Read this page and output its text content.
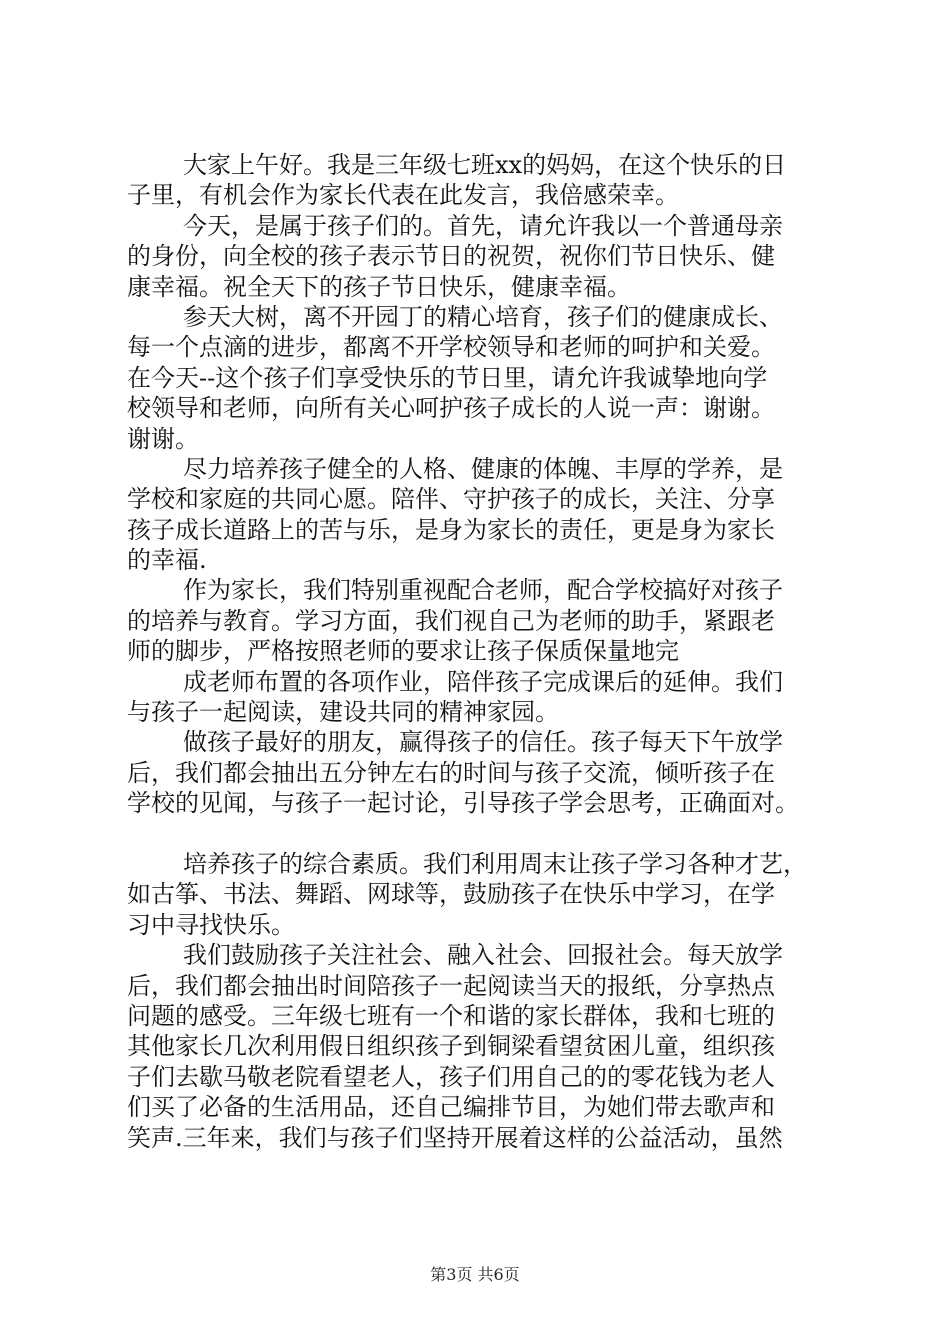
大家上午好。我是三年级七班xx的妈妈，在这个快乐的日
子里，有机会作为家长代表在此发言，我倍感荣幸。
今天，是属于孩子们的。首先，请允许我以一个普通母亲
的身份，向全校的孩子表示节日的祝贺，祝你们节日快乐、健
康幸福。祝全天下的孩子节日快乐，健康幸福。
参天大树，离不开园丁的精心培育，孩子们的健康成长、
每一个点滴的进步，都离不开学校领导和老师的呵护和关爱。
在今天--这个孩子们享受快乐的节日里，请允许我诚挚地向学
校领导和老师，向所有关心呵护孩子成长的人说一声：谢谢。
谢谢。
尽力培养孩子健全的人格、健康的体魄、丰厚的学养，是
学校和家庭的共同心愿。陪伴、守护孩子的成长，关注、分享
孩子成长道路上的苦与乐，是身为家长的责任，更是身为家长
的幸福.
作为家长，我们特别重视配合老师，配合学校搞好对孩子
的培养与教育。学习方面，我们视自己为老师的助手，紧跟老
师的脚步，严格按照老师的要求让孩子保质保量地完
成老师布置的各项作业，陪伴孩子完成课后的延伸。我们
与孩子一起阅读，建设共同的精神家园。
做孩子最好的朋友，赢得孩子的信任。孩子每天下午放学
后，我们都会抽出五分钟左右的时间与孩子交流，倾听孩子在
学校的见闻，与孩子一起讨论，引导孩子学会思考，正确面对。
培养孩子的综合素质。我们利用周末让孩子学习各种才艺，
如古筝、书法、舞蹈、网球等，鼓励孩子在快乐中学习，在学
习中寻找快乐。
我们鼓励孩子关注社会、融入社会、回报社会。每天放学
后，我们都会抽出时间陪孩子一起阅读当天的报纸，分享热点
问题的感受。三年级七班有一个和谐的家长群体，我和七班的
其他家长几次利用假日组织孩子到铜梁看望贫困儿童，组织孩
子们去歇马敬老院看望老人，孩子们用自己的的零花钱为老人
们买了必备的生活用品，还自己编排节目，为她们带去歌声和
笑声.三年来，我们与孩子们坚持开展着这样的公益活动，虽然
第3页 共6页
